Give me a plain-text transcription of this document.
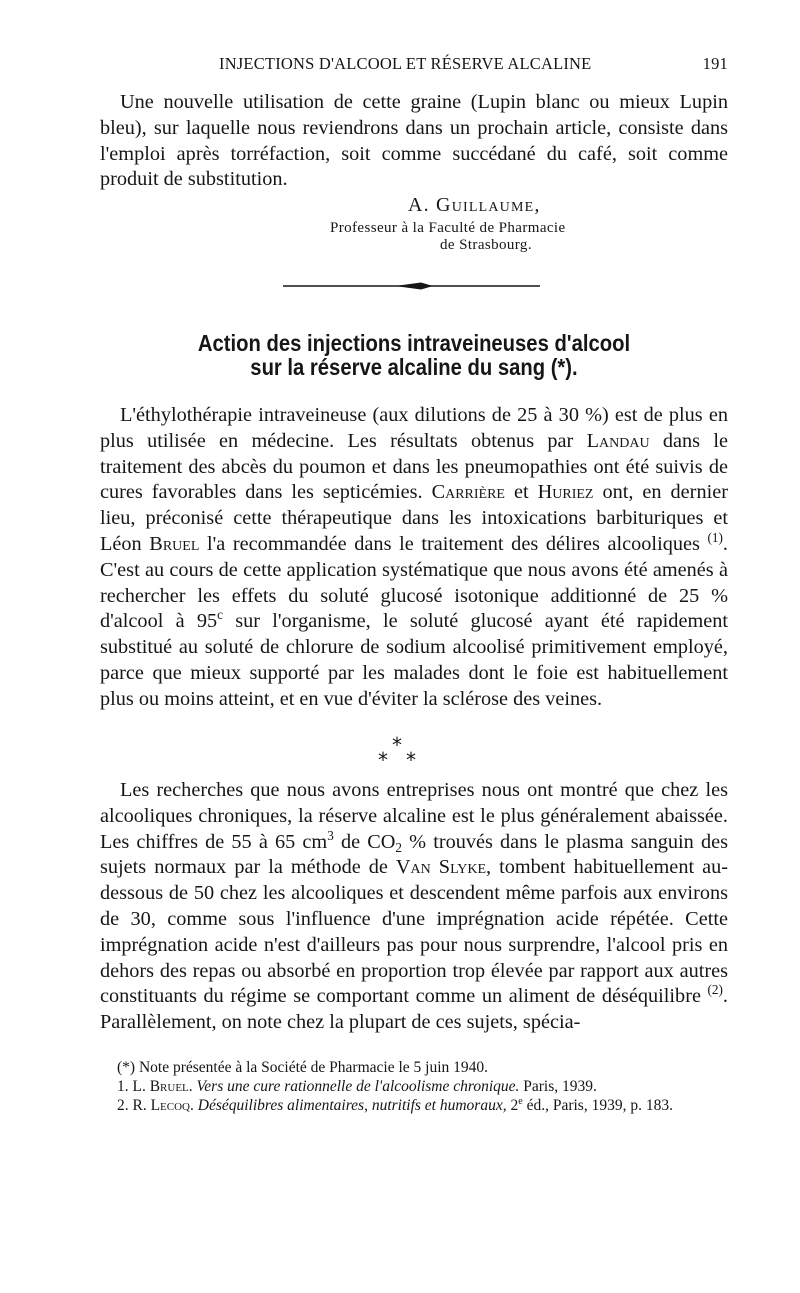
INJECTIONS D'ALCOOL ET RÉSERVE ALCALINE	191

Une nouvelle utilisation de cette graine (Lupin blanc ou mieux Lupin bleu), sur laquelle nous reviendrons dans un prochain article, consiste dans l'emploi après torréfaction, soit comme succédané du café, soit comme produit de substitution.

A. Guillaume,
Professeur à la Faculté de Pharmacie
de Strasbourg.
Action des injections intraveineuses d'alcool
sur la réserve alcaline du sang (*).

L'éthylothérapie intraveineuse (aux dilutions de 25 à 30 %) est de plus en plus utilisée en médecine. Les résultats obtenus par Landau dans le traitement des abcès du poumon et dans les pneumopathies ont été suivis de cures favorables dans les septicémies. Carrière et Huriez ont, en dernier lieu, préconisé cette thérapeutique dans les intoxications barbituriques et Léon Bruel l'a recommandée dans le traitement des délires alcooliques $^{(1)}$. C'est au cours de cette application systématique que nous avons été amenés à rechercher les effets du soluté glucosé isotonique additionné de 25 % d'alcool à 95$^c$ sur l'organisme, le soluté glucosé ayant été rapidement substitué au soluté de chlorure de sodium alcoolisé primitivement employé, parce que mieux supporté par les malades dont le foie est habituellement plus ou moins atteint, et en vue d'éviter la sclérose des veines.

*
* *

Les recherches que nous avons entreprises nous ont montré que chez les alcooliques chroniques, la réserve alcaline est le plus généralement abaissée. Les chiffres de 55 à 65 $cm^3$ de $CO_2$ % trouvés dans le plasma sanguin des sujets normaux par la méthode de Van Slyke, tombent habituellement au-dessous de 50 chez les alcooliques et descendent même parfois aux environs de 30, comme sous l'influence d'une imprégnation acide répétée. Cette imprégnation acide n'est d'ailleurs pas pour nous surprendre, l'alcool pris en dehors des repas ou absorbé en proportion trop élevée par rapport aux autres constituants du régime se comportant comme un aliment de déséquilibre $^{(2)}$. Parallèlement, on note chez la plupart de ces sujets, spécia-

(*) Note présentée à la Société de Pharmacie le 5 juin 1940.

1. L. Bruel. Vers une cure rationnelle de l'alcoolisme chronique. Paris, 1939.

2. R. Lecoq. Déséquilibres alimentaires, nutritifs et humoraux, 2e éd., Paris, 1939, p. 183.
